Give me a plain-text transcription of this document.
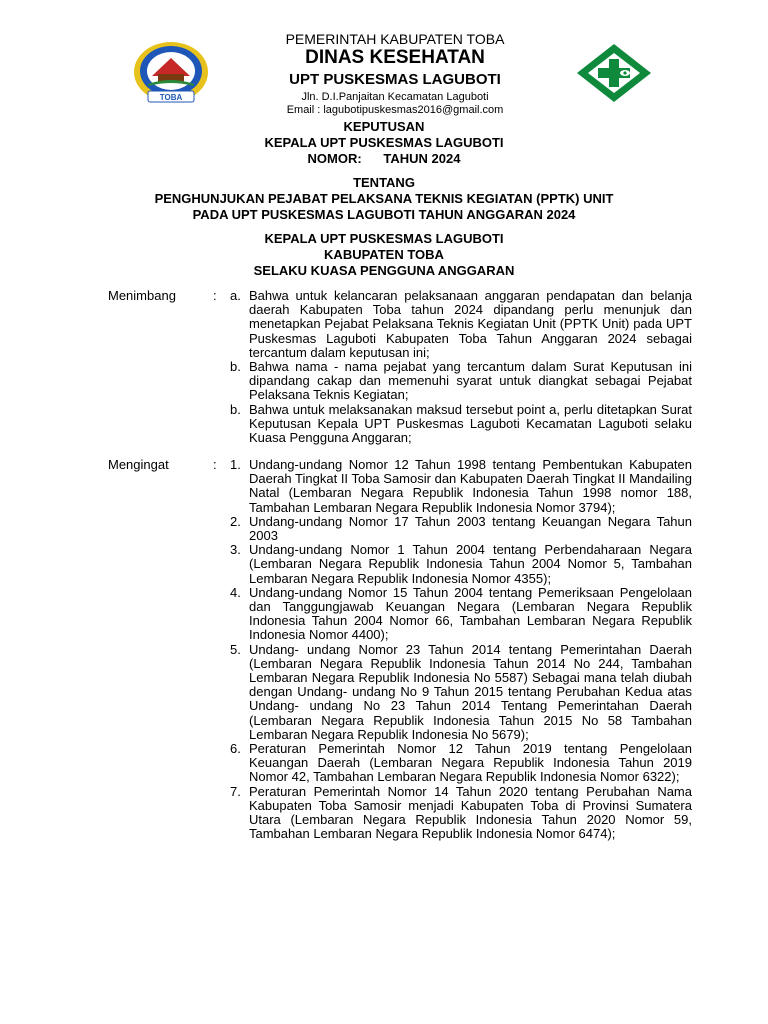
TOBA
PEMERINTAH KABUPATEN TOBA
DINAS KESEHATAN
UPT PUSKESMAS LAGUBOTI
Jln. D.I.Panjaitan Kecamatan Laguboti
Email : lagubotipuskesmas2016@gmail.com
KEPUTUSAN
KEPALA UPT PUSKESMAS LAGUBOTI
NOMOR:      TAHUN 2024
TENTANG
PENGHUNJUKAN PEJABAT PELAKSANA TEKNIS KEGIATAN (PPTK) UNIT
PADA UPT PUSKESMAS LAGUBOTI TAHUN ANGGARAN 2024
KEPALA UPT PUSKESMAS LAGUBOTI
KABUPATEN TOBA
SELAKU KUASA PENGGUNA ANGGARAN
Menimbang	: a. Bahwa untuk kelancaran pelaksanaan anggaran pendapatan dan belanja daerah Kabupaten Toba tahun 2024 dipandang perlu menunjuk dan menetapkan Pejabat Pelaksana Teknis Kegiatan Unit (PPTK Unit) pada UPT Puskesmas Laguboti Kabupaten Toba Tahun Anggaran 2024 sebagai tercantum dalam keputusan ini;
b. Bahwa nama - nama pejabat yang tercantum dalam Surat Keputusan ini dipandang cakap dan memenuhi syarat untuk diangkat sebagai Pejabat Pelaksana Teknis Kegiatan;
b. Bahwa untuk melaksanakan maksud tersebut point a, perlu ditetapkan Surat Keputusan Kepala UPT Puskesmas Laguboti Kecamatan Laguboti selaku Kuasa Pengguna Anggaran;
Mengingat	: 1. Undang-undang Nomor 12 Tahun 1998 tentang Pembentukan Kabupaten Daerah Tingkat II Toba Samosir dan Kabupaten Daerah Tingkat II Mandailing Natal (Lembaran Negara Republik Indonesia Tahun 1998 nomor 188, Tambahan Lembaran Negara Republik Indonesia Nomor 3794);
2. Undang-undang Nomor 17 Tahun 2003 tentang Keuangan Negara Tahun 2003
3. Undang-undang Nomor 1 Tahun 2004 tentang Perbendaharaan Negara (Lembaran Negara Republik Indonesia Tahun 2004 Nomor 5, Tambahan Lembaran Negara Republik Indonesia Nomor 4355);
4. Undang-undang Nomor 15 Tahun 2004 tentang Pemeriksaan Pengelolaan dan Tanggungjawab Keuangan Negara (Lembaran Negara Republik Indonesia Tahun 2004 Nomor 66, Tambahan Lembaran Negara Republik Indonesia Nomor 4400);
5. Undang- undang Nomor 23 Tahun 2014 tentang Pemerintahan Daerah (Lembaran Negara Republik Indonesia Tahun 2014 No 244, Tambahan Lembaran Negara Republik Indonesia No 5587) Sebagai mana telah diubah dengan Undang- undang No 9 Tahun 2015 tentang Perubahan Kedua atas Undang- undang No 23 Tahun 2014 Tentang Pemerintahan Daerah (Lembaran Negara Republik Indonesia Tahun 2015 No 58 Tambahan Lembaran Negara Republik Indonesia No 5679);
6. Peraturan Pemerintah Nomor 12 Tahun 2019 tentang Pengelolaan Keuangan Daerah (Lembaran Negara Republik Indonesia Tahun 2019 Nomor 42, Tambahan Lembaran Negara Republik Indonesia Nomor 6322);
7. Peraturan Pemerintah Nomor 14 Tahun 2020 tentang Perubahan Nama Kabupaten Toba Samosir menjadi Kabupaten Toba di Provinsi Sumatera Utara (Lembaran Negara Republik Indonesia Tahun 2020 Nomor 59, Tambahan Lembaran Negara Republik Indonesia Nomor 6474);
